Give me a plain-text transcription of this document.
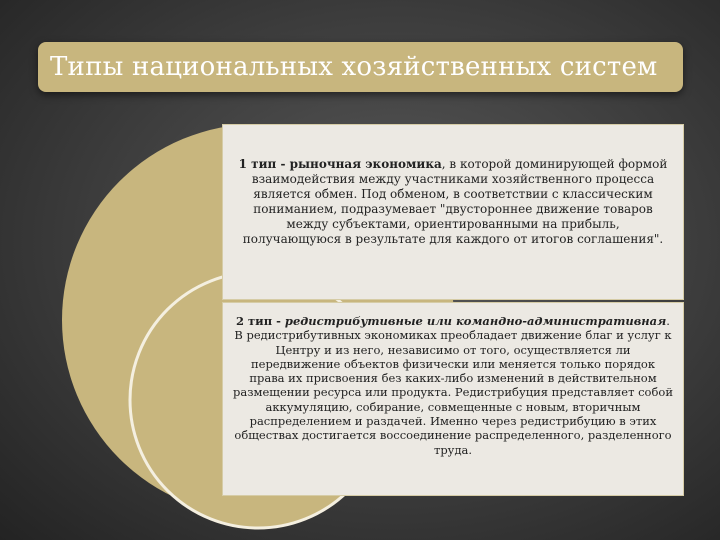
Типы национальных хозяйственных систем
1 тип - рыночная экономика, в которой доминирующей формой взаимодействия между участниками хозяйственного процесса является обмен. Под обменом, в соответствии с классическим пониманием, подразумевает "двустороннее движение товаров между субъектами, ориентированными на прибыль, получающуюся в результате для каждого от итогов соглашения".
2 тип - редистрибутивные или командно-административная. В редистрибутивных экономиках преобладает движение благ и услуг к Центру и из него, независимо от того, осуществляется ли передвижение объектов физически или меняется только порядок права их присвоения без каких-либо изменений в действительном размещении ресурса или продукта. Редистрибуция представляет собой аккумуляцию, собирание, совмещенные с новым, вторичным распределением и раздачей. Именно через редистрибуцию в этих обществах достигается воссоединение распределенного, разделенного труда.
